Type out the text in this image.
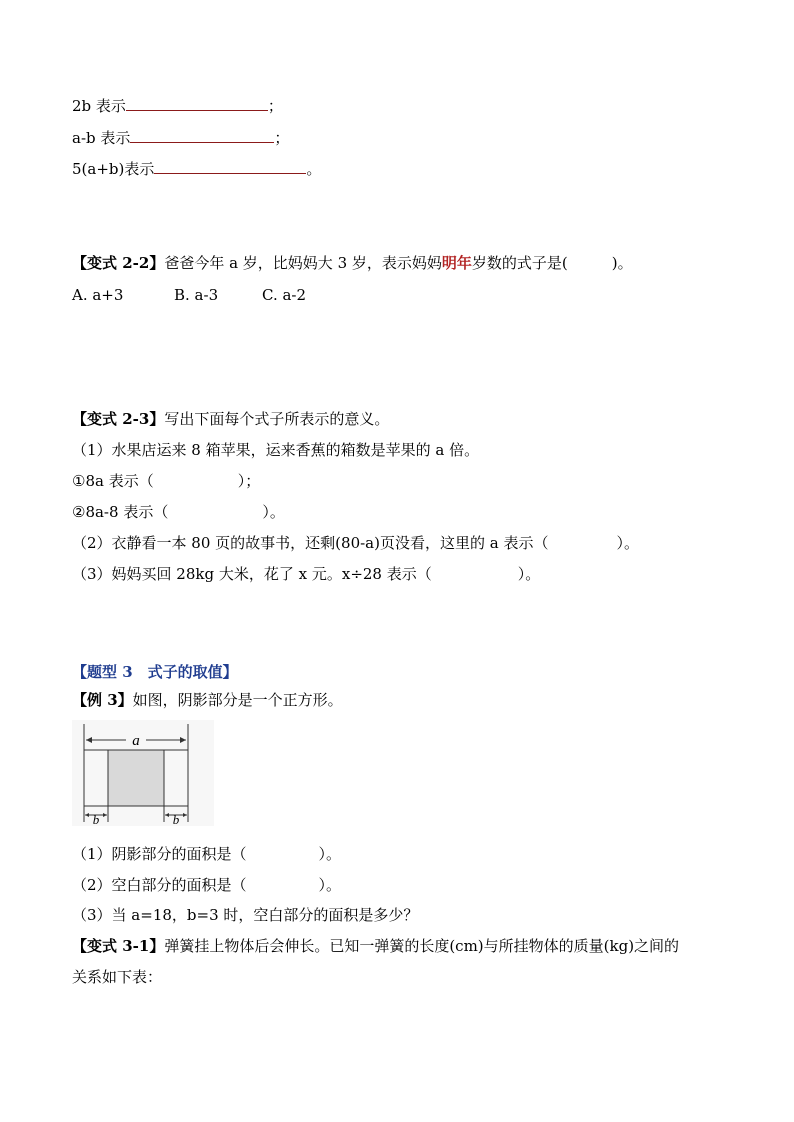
2b 表示	；
a-b 表示	；
5(a+b)表示	。
【变式 2-2】爸爸今年 a 岁，比妈妈大 3 岁，表示妈妈明年岁数的式子是(	)。
A. a+3	B. a-3	C. a-2
【变式 2-3】写出下面每个式子所表示的意义。
（1）水果店运来 8 箱苹果，运来香蕉的箱数是苹果的 a 倍。
①8a 表示（	）；
②8a-8 表示（	）。
（2）衣静看一本 80 页的故事书，还剩(80-a)页没看，这里的 a 表示（	）。
（3）妈妈买回 28kg 大米，花了 x 元。x÷28 表示（	）。
【题型 3　式子的取值】
【例 3】如图，阴影部分是一个正方形。
a
b	b
（1）阴影部分的面积是（	）。
（2）空白部分的面积是（	）。
（3）当 a=18，b=3 时，空白部分的面积是多少？
【变式 3-1】弹簧挂上物体后会伸长。已知一弹簧的长度(cm)与所挂物体的质量(kg)之间的
关系如下表：
